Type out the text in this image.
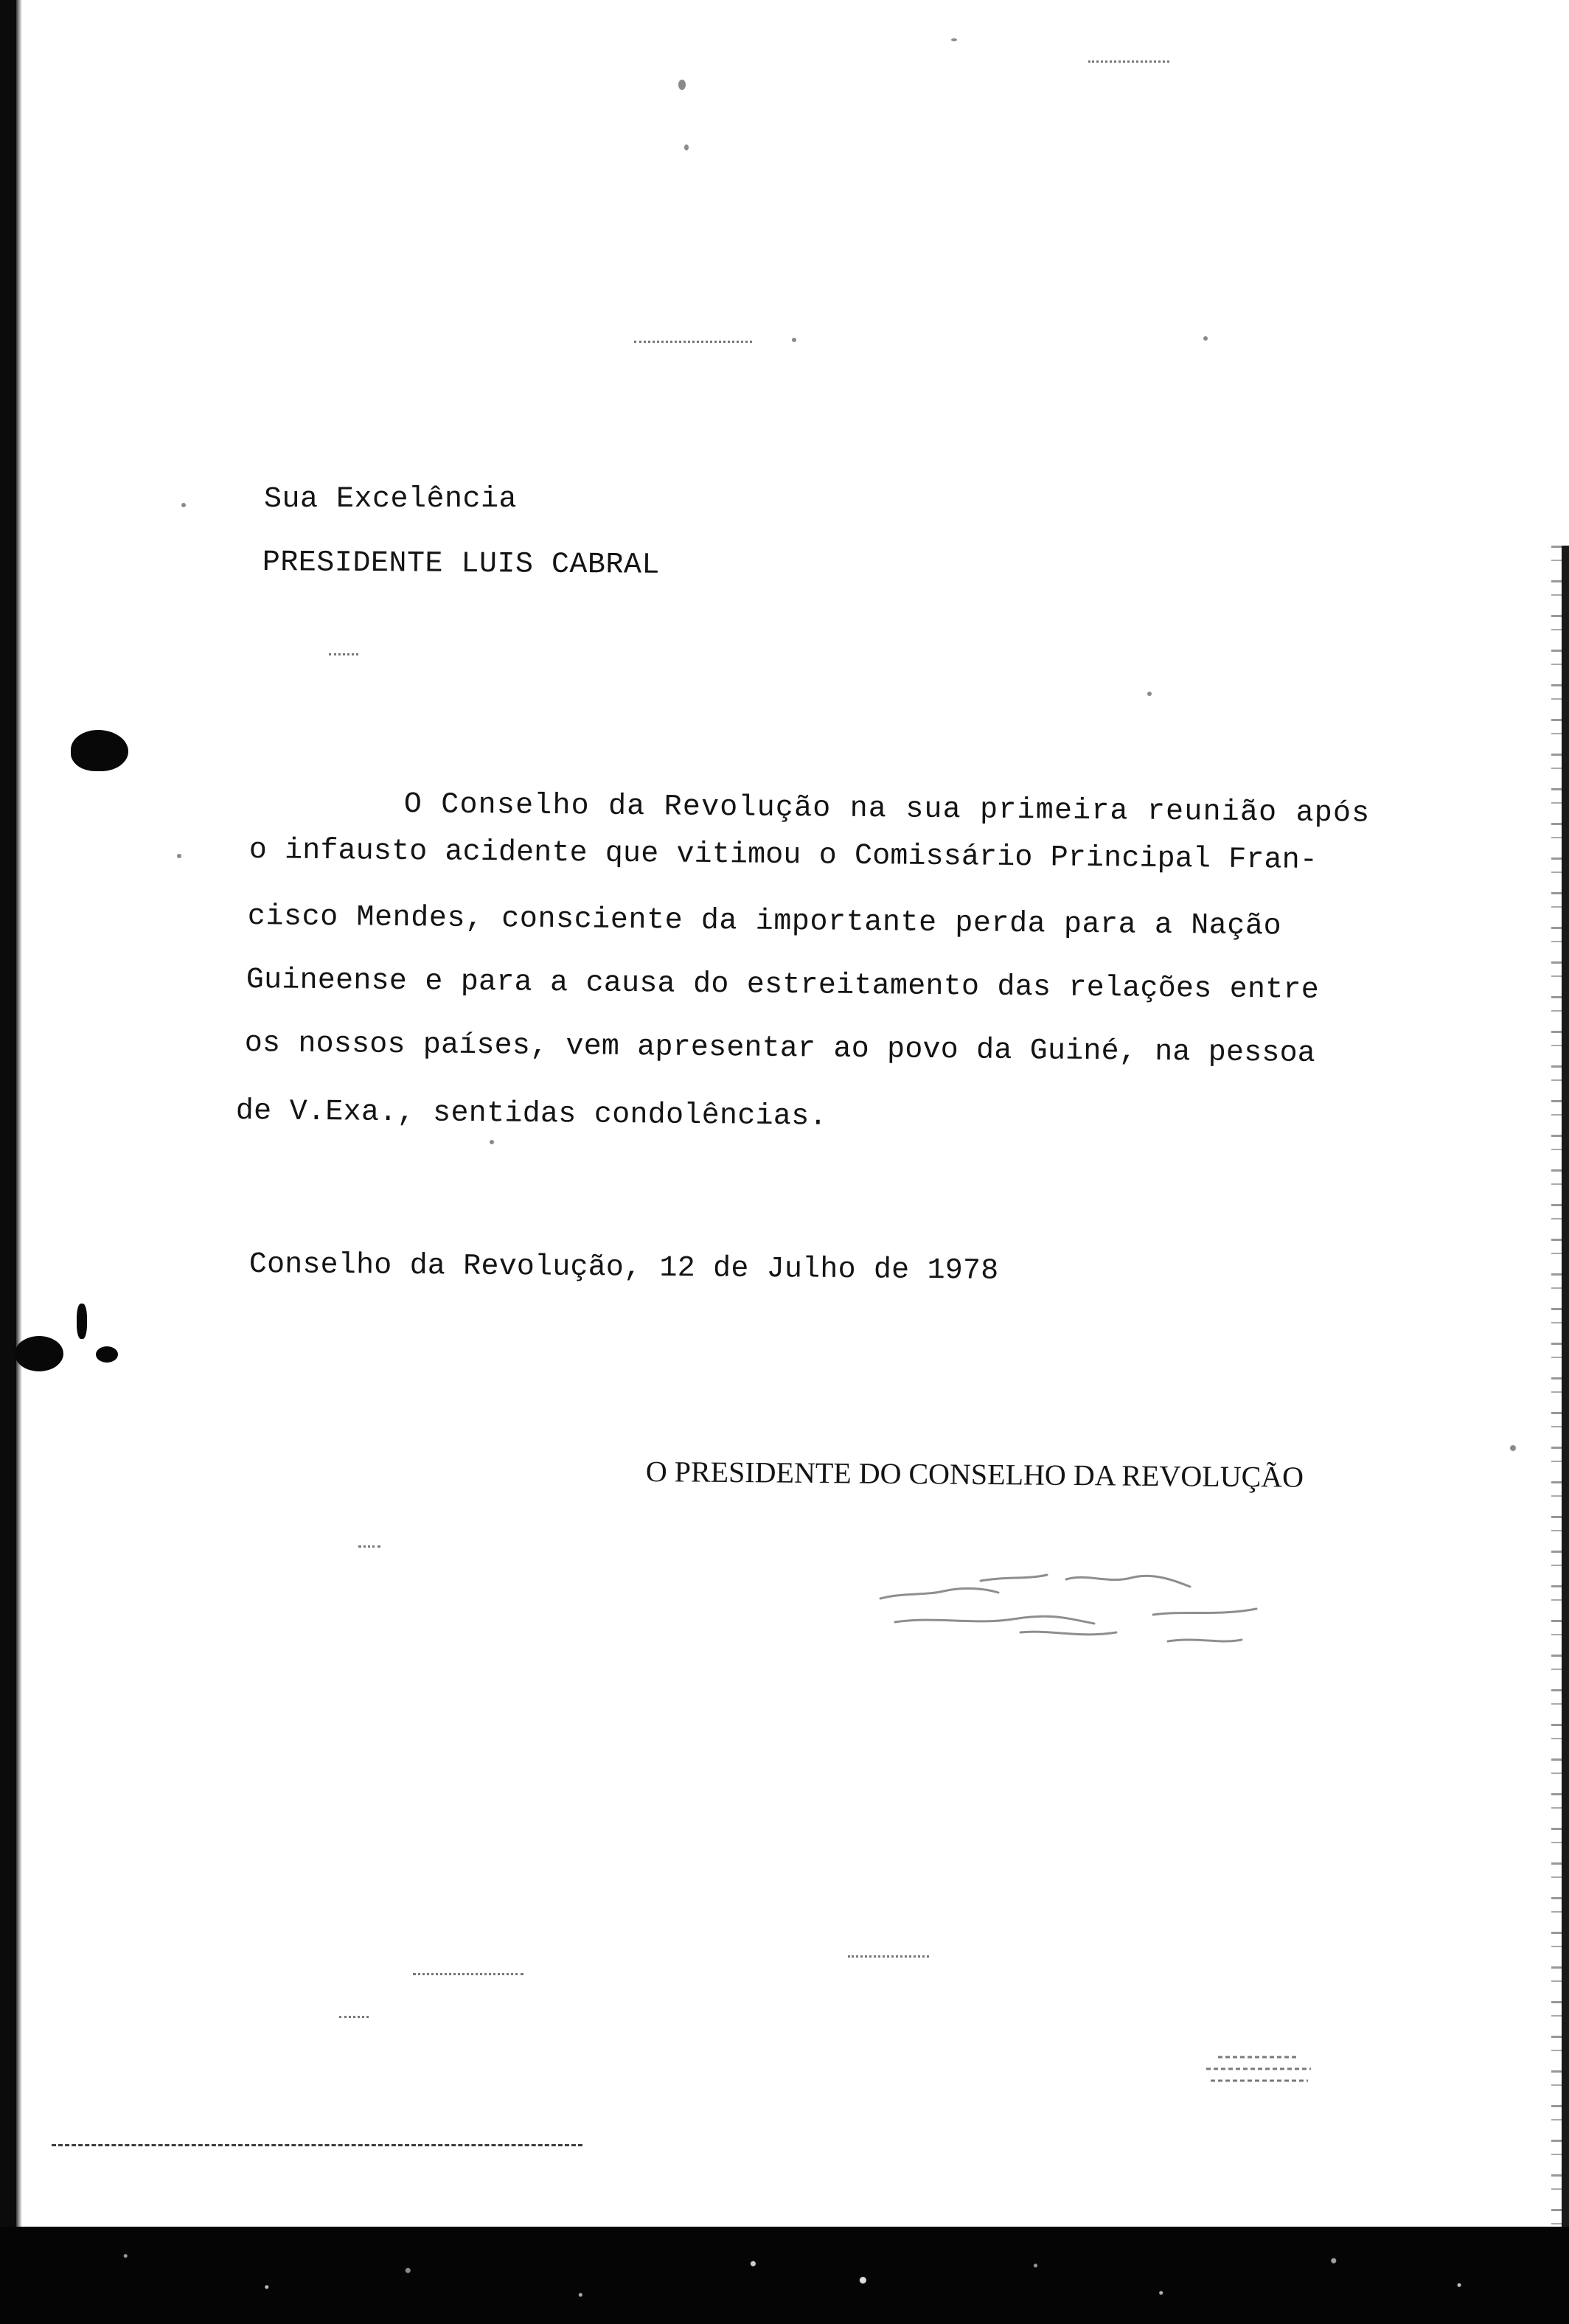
Sua Excelência
PRESIDENTE LUIS CABRAL
O Conselho da Revolução na sua primeira reunião após
o infausto acidente que vitimou o Comissário Principal Fran-
cisco Mendes, consciente da importante perda para a Nação
Guineense e para a causa do estreitamento das relações entre
os nossos países, vem apresentar ao povo da Guiné, na pessoa
de V.Exa., sentidas condolências.
Conselho da Revolução, 12 de Julho de 1978
O PRESIDENTE DO CONSELHO DA REVOLUÇÃO
